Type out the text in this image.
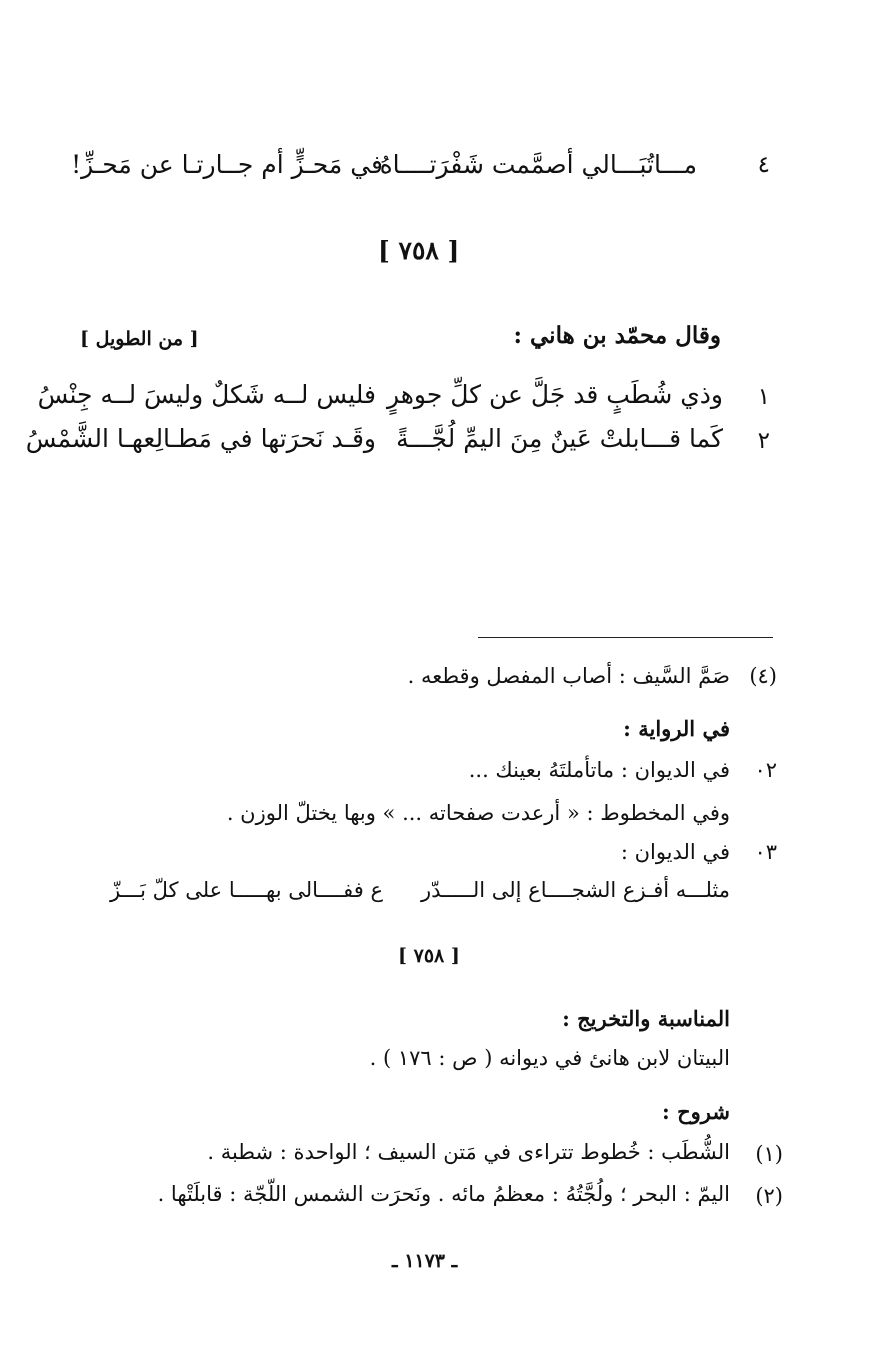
٤
مـــاتُبَـــالي أصمَّمت شَفْرَتــــاهُ
في مَحـزٍّ أم جــارتـا عن مَحـزِّ!
[ ٧٥٨ ]
وقال محمّد بن هاني :
[ من الطويل ]
١
وذي شُطَبٍ قد جَلَّ عن كلِّ جوهرٍ
فليس لــه شَكلٌ وليسَ لــه جِنْسُ
٢
كَما قـــابلتْ عَينٌ مِنَ اليمِّ لُجَّـــةً
وقَـد نَحرَتها في مَطـالِعهـا الشَّمْسُ
(٤)
صَمَّ السَّيف : أصاب المفصل وقطعه .
في الرواية :
٠٢
في الديوان : ماتأملتَهُ بعينك ...
وفي المخطوط : « أرعدت صفحاته ... » وبها يختلّ الوزن .
٠٣
في الديوان :
مثلـــه أفـزع الشجــــاع إلى الـــــدّر
ع ففــــالى بهـــــا على كلّ بَـــزّ
[ ٧٥٨ ]
المناسبة والتخريج :
البيتان لابن هانئ في ديوانه ( ص : ١٧٦ ) .
شروح :
(١)
الشُّطَب : خُطوط تتراءى في مَتن السيف ؛ الواحدة : شطبة .
(٢)
اليمّ : البحر ؛ ولُجَّتُهُ : معظمُ مائه . ونَحرَت الشمس اللّجّة : قابلَتْها .
ـ ١١٧٣ ـ
